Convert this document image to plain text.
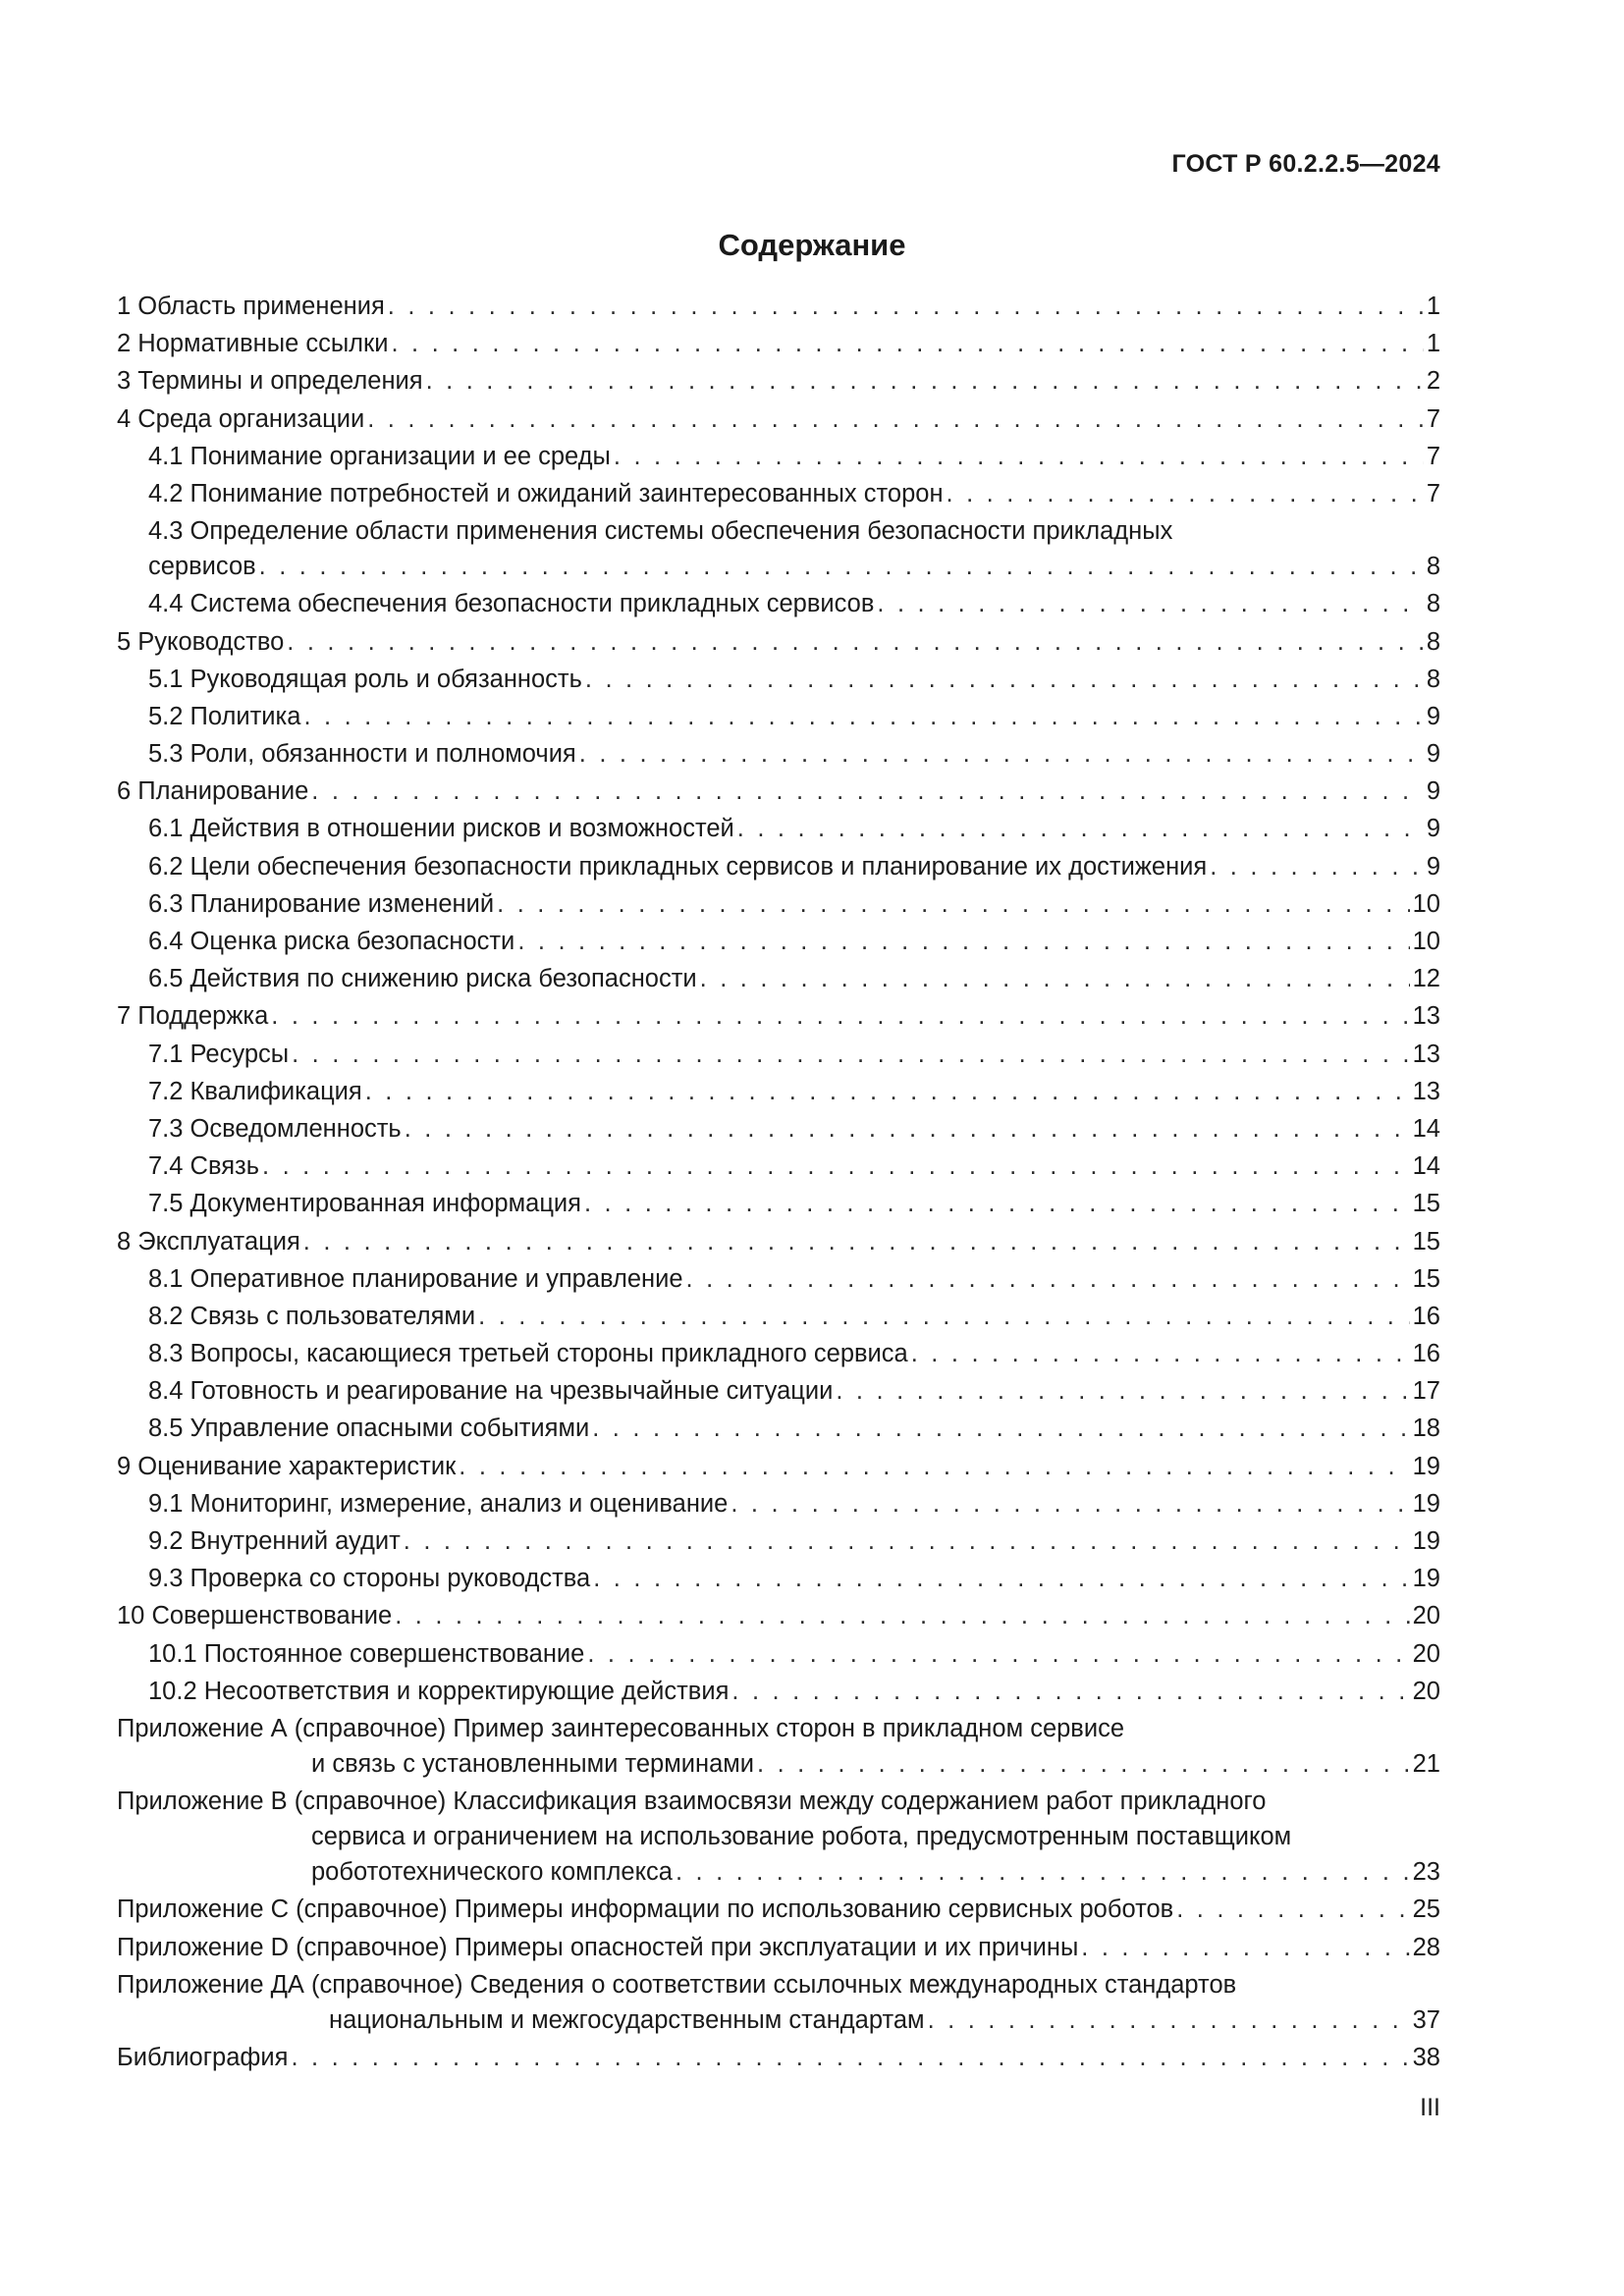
ГОСТ Р 60.2.2.5—2024
Содержание
1 Область применения . . .	1
2 Нормативные ссылки . . .	1
3 Термины и определения . . .	2
4 Среда организации . . .	7
4.1 Понимание организации и ее среды . . .	7
4.2 Понимание потребностей и ожиданий заинтересованных сторон . . .	7
4.3 Определение области применения системы обеспечения безопасности прикладных
сервисов . . .	8
4.4 Система обеспечения безопасности прикладных сервисов . . .	8
5 Руководство . . .	8
5.1 Руководящая роль и обязанность . . .	8
5.2 Политика . . .	9
5.3 Роли, обязанности и полномочия . . .	9
6 Планирование . . .	9
6.1 Действия в отношении рисков и возможностей . . .	9
6.2 Цели обеспечения безопасности прикладных сервисов и планирование их достижения . . .	9
6.3 Планирование изменений . . .	10
6.4 Оценка риска безопасности . . .	10
6.5 Действия по снижению риска безопасности . . .	12
7 Поддержка . . .	13
7.1 Ресурсы . . .	13
7.2 Квалификация . . .	13
7.3 Осведомленность . . .	14
7.4 Связь . . .	14
7.5 Документированная информация . . .	15
8 Эксплуатация . . .	15
8.1 Оперативное планирование и управление . . .	15
8.2 Связь с пользователями . . .	16
8.3 Вопросы, касающиеся третьей стороны прикладного сервиса . . .	16
8.4 Готовность и реагирование на чрезвычайные ситуации . . .	17
8.5 Управление опасными событиями . . .	18
9 Оценивание характеристик . . .	19
9.1 Мониторинг, измерение, анализ и оценивание . . .	19
9.2 Внутренний аудит . . .	19
9.3 Проверка со стороны руководства . . .	19
10 Совершенствование . . .	20
10.1 Постоянное совершенствование . . .	20
10.2 Несоответствия и корректирующие действия . . .	20
Приложение А (справочное) Пример заинтересованных сторон в прикладном сервисе
и связь с установленными терминами . . .	21
Приложение В (справочное) Классификация взаимосвязи между содержанием работ прикладного
сервиса и ограничением на использование робота, предусмотренным поставщиком
робототехнического комплекса . . .	23
Приложение С (справочное) Примеры информации по использованию сервисных роботов . . .	25
Приложение D (справочное) Примеры опасностей при эксплуатации и их причины . . .	28
Приложение ДА (справочное) Сведения о соответствии ссылочных международных стандартов
национальным и межгосударственным стандартам . . .	37
Библиография . . .	38
III
